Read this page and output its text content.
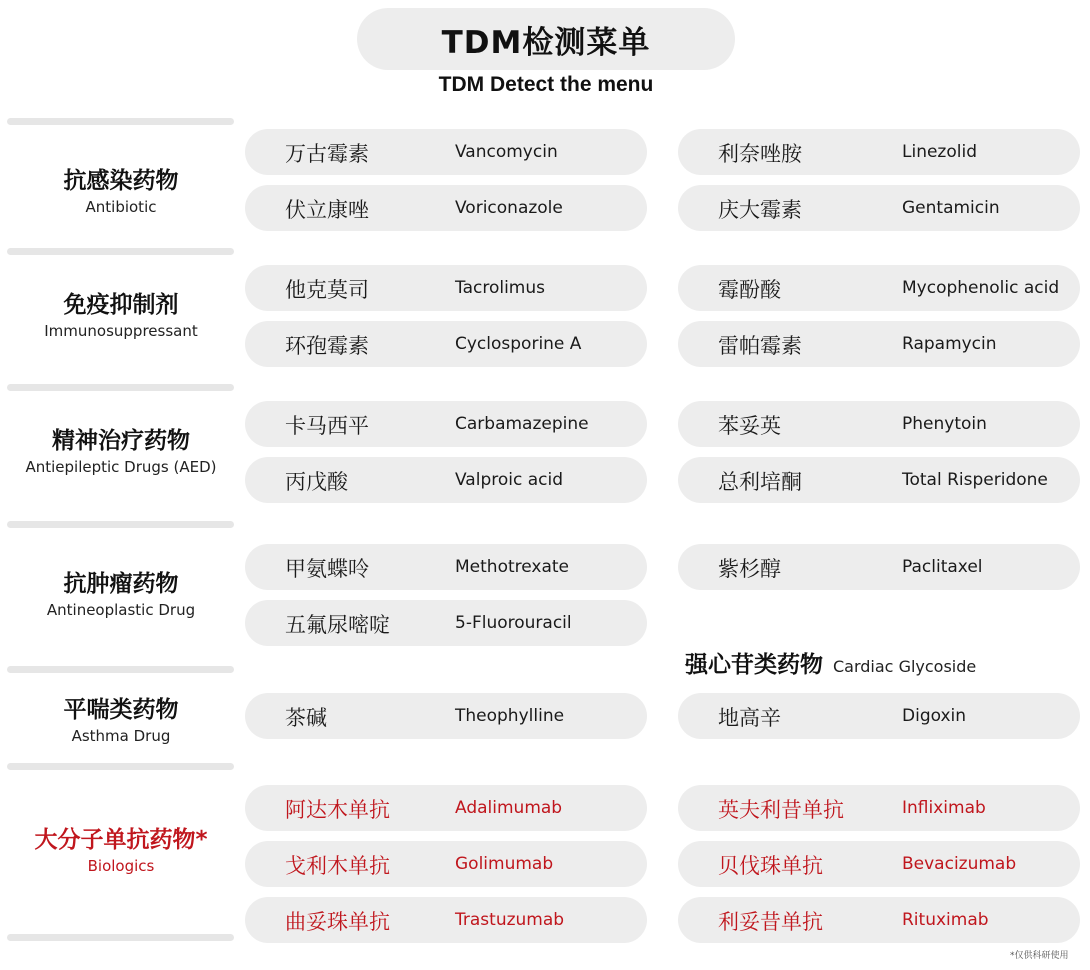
TDM检测菜单
TDM Detect the menu
抗感染药物
Antibiotic
万古霉素	Vancomycin	利奈唑胺	Linezolid
伏立康唑	Voriconazole	庆大霉素	Gentamicin
免疫抑制剂
Immunosuppressant
他克莫司	Tacrolimus	霉酚酸	Mycophenolic acid
环孢霉素	Cyclosporine A	雷帕霉素	Rapamycin
精神治疗药物
Antiepileptic Drugs (AED)
卡马西平	Carbamazepine	苯妥英	Phenytoin
丙戊酸	Valproic acid	总利培酮	Total Risperidone
抗肿瘤药物
Antineoplastic Drug
甲氨蝶呤	Methotrexate	紫杉醇	Paclitaxel
五氟尿嘧啶	5-Fluorouracil
强心苷类药物 Cardiac Glycoside
平喘类药物
Asthma Drug
茶碱	Theophylline	地高辛	Digoxin
大分子单抗药物*
Biologics
阿达木单抗	Adalimumab	英夫利昔单抗	Infliximab
戈利木单抗	Golimumab	贝伐珠单抗	Bevacizumab
曲妥珠单抗	Trastuzumab	利妥昔单抗	Rituximab
*仅供科研使用
